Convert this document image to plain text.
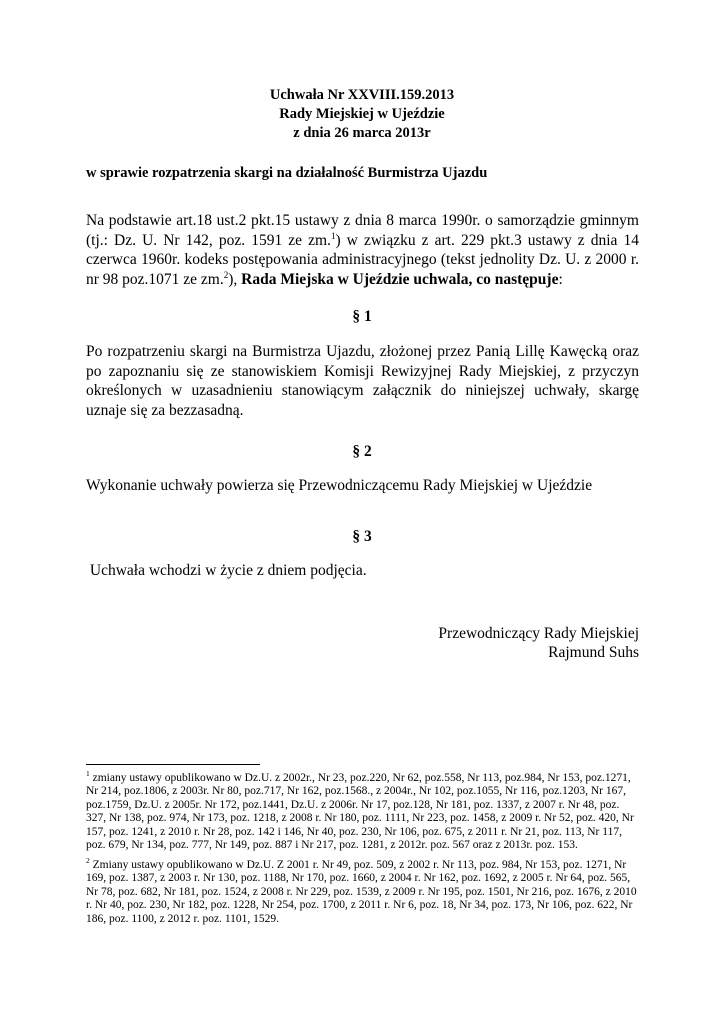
Uchwała Nr XXVIII.159.2013
Rady Miejskiej w Ujeździe
z dnia 26 marca 2013r
w sprawie rozpatrzenia skargi na działalność Burmistrza Ujazdu
Na podstawie art.18 ust.2 pkt.15 ustawy z dnia 8 marca 1990r. o samorządzie gminnym (tj.: Dz. U. Nr 142, poz. 1591 ze zm.$^1$) w związku z art. 229 pkt.3 ustawy z dnia 14 czerwca 1960r. kodeks postępowania administracyjnego (tekst jednolity Dz. U. z 2000 r. nr 98 poz.1071 ze zm.$^2$), Rada Miejska w Ujeździe uchwala, co następuje:
§ 1
Po rozpatrzeniu skargi na Burmistrza Ujazdu, złożonej przez Panią Lillę Kawęcką oraz po zapoznaniu się ze stanowiskiem Komisji Rewizyjnej Rady Miejskiej, z przyczyn określonych w uzasadnieniu stanowiącym załącznik do niniejszej uchwały, skargę uznaje się za bezzasadną.
§ 2
Wykonanie uchwały powierza się Przewodniczącemu Rady Miejskiej w Ujeździe
§ 3
Uchwała wchodzi w życie z dniem podjęcia.
Przewodniczący Rady Miejskiej
Rajmund Suhs
$^1$ zmiany ustawy opublikowano w Dz.U. z 2002r., Nr 23, poz.220, Nr 62, poz.558, Nr 113, poz.984, Nr 153, poz.1271, Nr 214, poz.1806, z 2003r. Nr 80, poz.717, Nr 162, poz.1568., z 2004r., Nr 102, poz.1055, Nr 116, poz.1203, Nr 167, poz.1759, Dz.U. z 2005r. Nr 172, poz.1441, Dz.U. z 2006r. Nr 17, poz.128, Nr 181, poz. 1337, z 2007 r. Nr 48, poz. 327, Nr 138, poz. 974, Nr 173, poz. 1218, z 2008 r. Nr 180, poz. 1111, Nr 223, poz. 1458, z 2009 r. Nr 52, poz. 420, Nr 157, poz. 1241, z 2010 r. Nr 28, poz. 142 i 146, Nr 40, poz. 230, Nr 106, poz. 675, z 2011 r. Nr 21, poz. 113, Nr 117, poz. 679, Nr 134, poz. 777, Nr 149, poz. 887 i Nr 217, poz. 1281, z 2012r. poz. 567 oraz z 2013r. poz. 153.
$^2$ Zmiany ustawy opublikowano w Dz.U. Z 2001 r. Nr 49, poz. 509, z 2002 r. Nr 113, poz. 984, Nr 153, poz. 1271, Nr 169, poz. 1387, z 2003 r. Nr 130, poz. 1188, Nr 170, poz. 1660, z 2004 r. Nr 162, poz. 1692, z 2005 r. Nr 64, poz. 565, Nr 78, poz. 682, Nr 181, poz. 1524, z 2008 r. Nr 229, poz. 1539, z 2009 r. Nr 195, poz. 1501, Nr 216, poz. 1676, z 2010 r. Nr 40, poz. 230, Nr 182, poz. 1228, Nr 254, poz. 1700, z 2011 r. Nr 6, poz. 18, Nr 34, poz. 173, Nr 106, poz. 622, Nr 186, poz. 1100, z 2012 r. poz. 1101, 1529.
